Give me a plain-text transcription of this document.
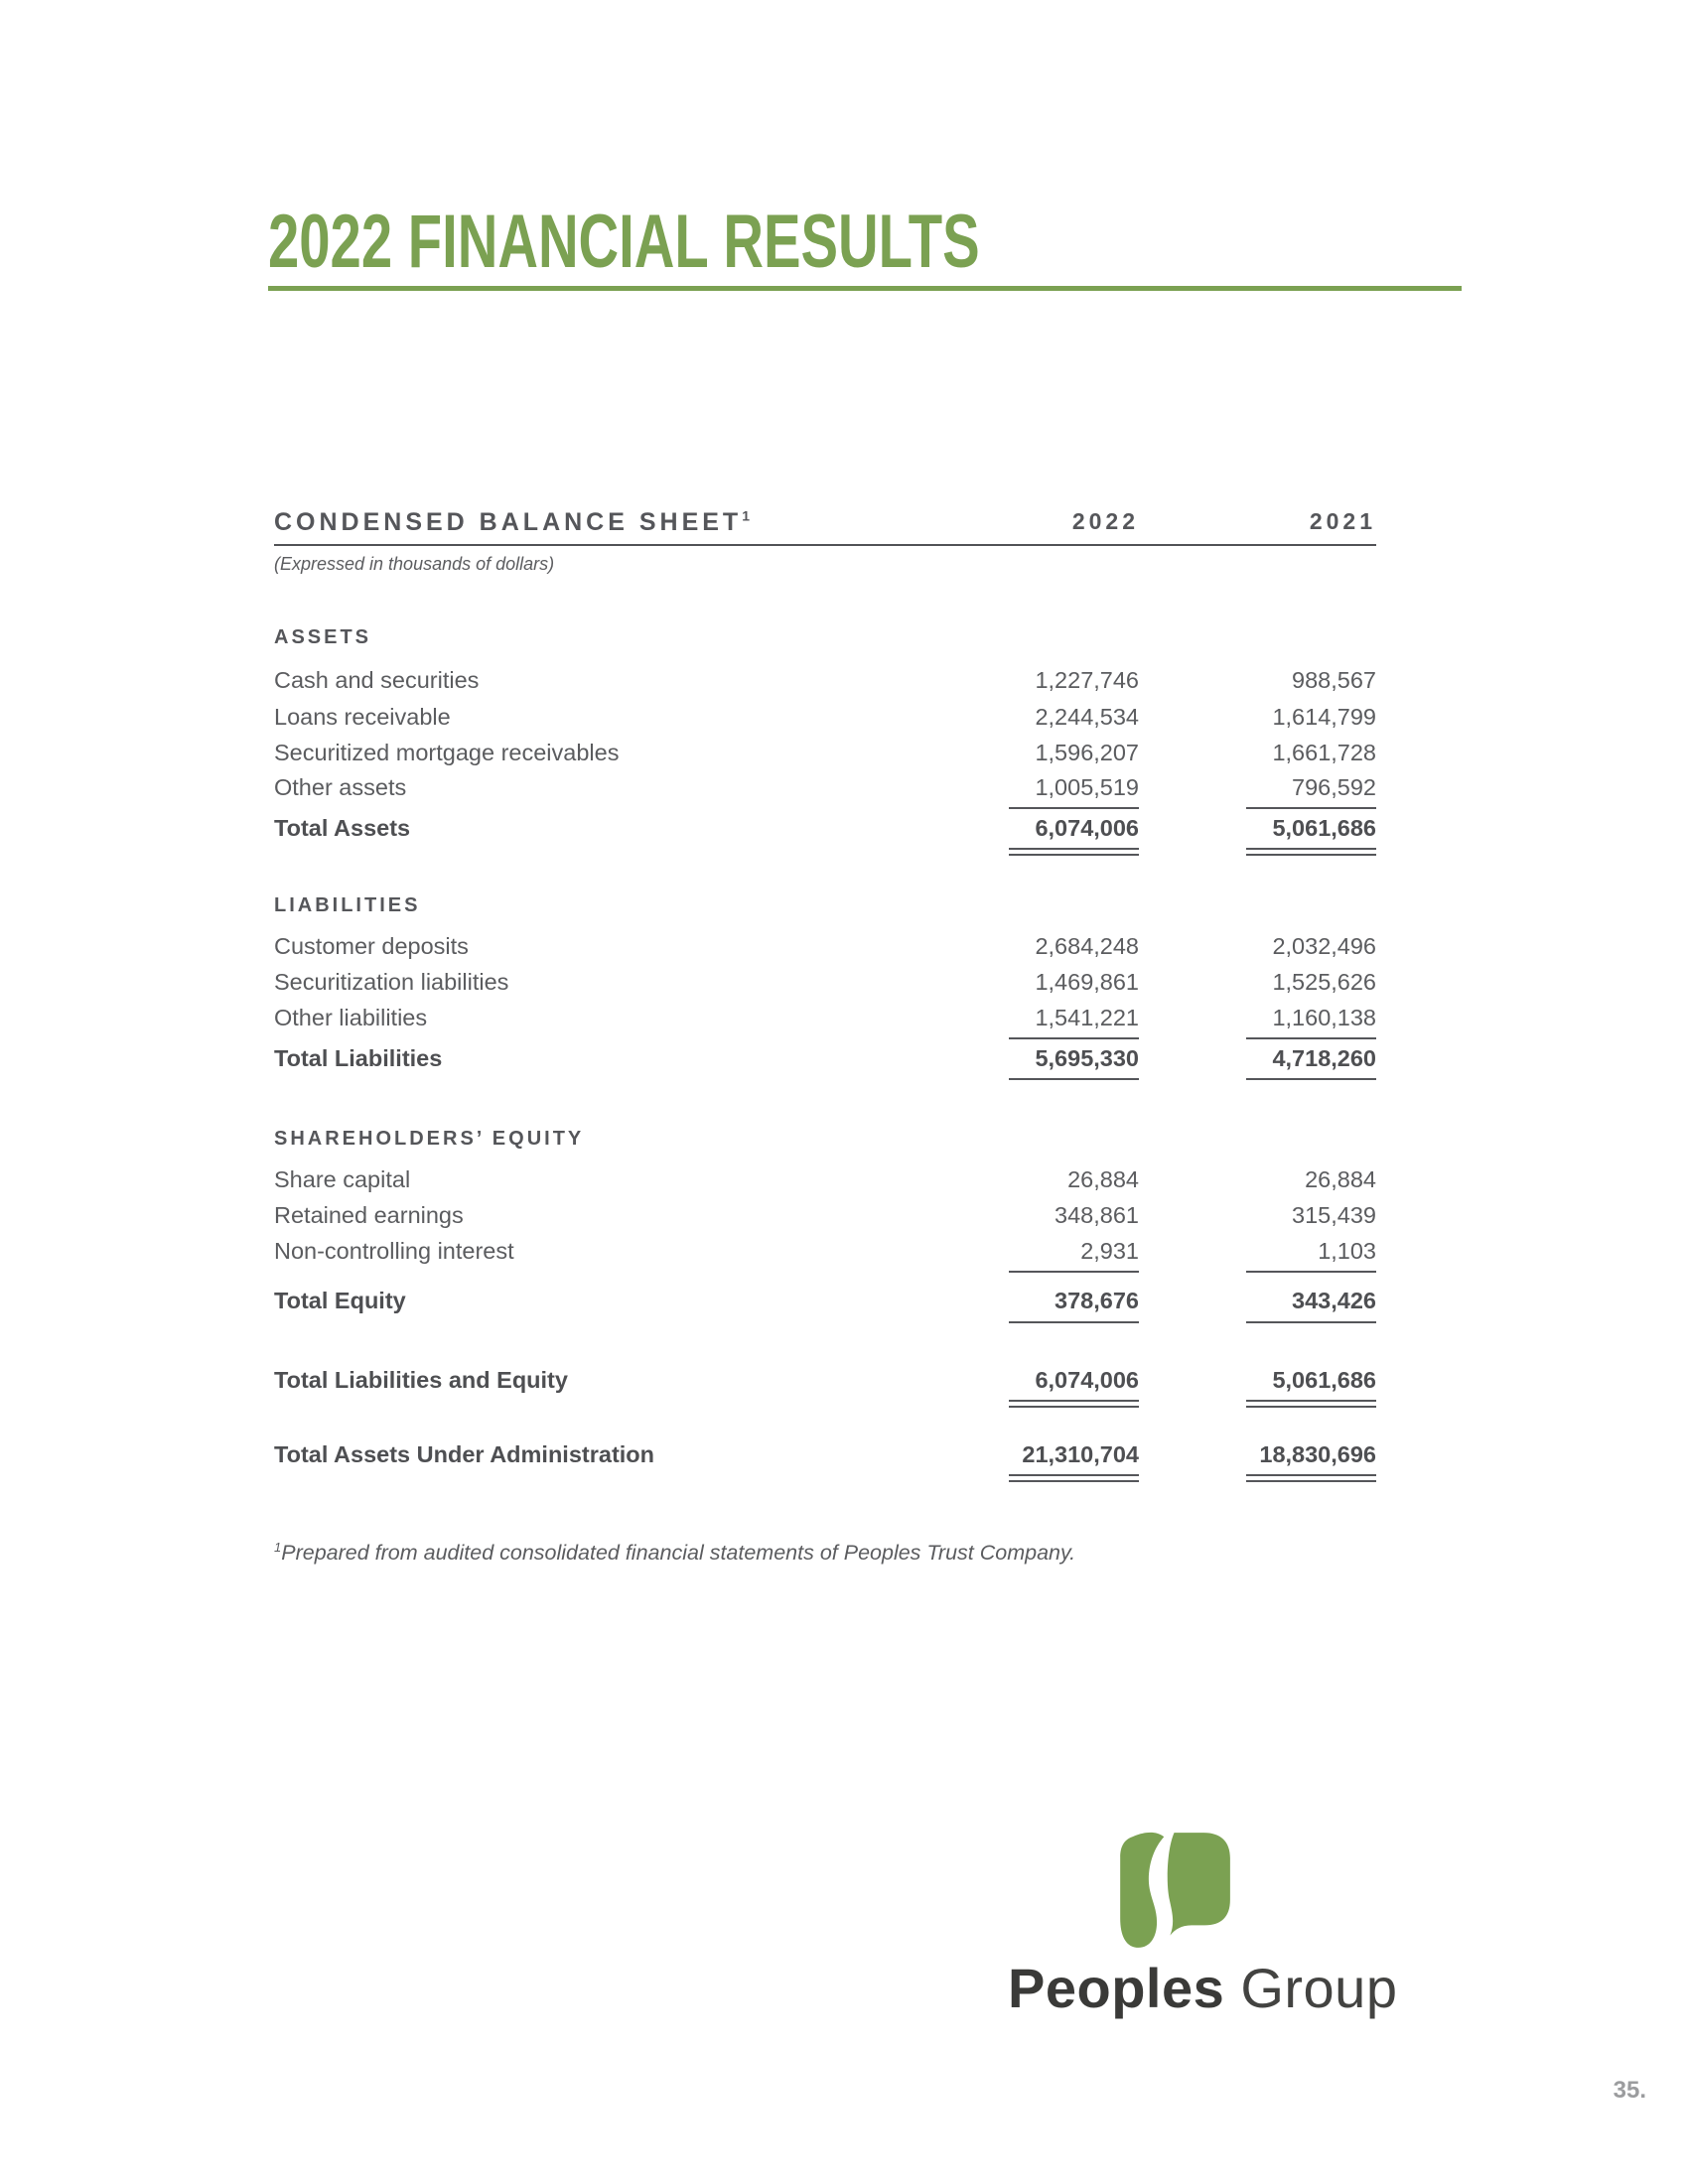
2022 FINANCIAL RESULTS
CONDENSED BALANCE SHEET$^1$	2022	2021
(Expressed in thousands of dollars)
ASSETS
Cash and securities	1,227,746	988,567
Loans receivable	2,244,534	1,614,799
Securitized mortgage receivables	1,596,207	1,661,728
Other assets	1,005,519	796,592
Total Assets	6,074,006	5,061,686
LIABILITIES
Customer deposits	2,684,248	2,032,496
Securitization liabilities	1,469,861	1,525,626
Other liabilities	1,541,221	1,160,138
Total Liabilities	5,695,330	4,718,260
SHAREHOLDERS’ EQUITY
Share capital	26,884	26,884
Retained earnings	348,861	315,439
Non-controlling interest	2,931	1,103
Total Equity	378,676	343,426
Total Liabilities and Equity	6,074,006	5,061,686
Total Assets Under Administration	21,310,704	18,830,696
$^1$Prepared from audited consolidated financial statements of Peoples Trust Company.
Peoples Group
35.
